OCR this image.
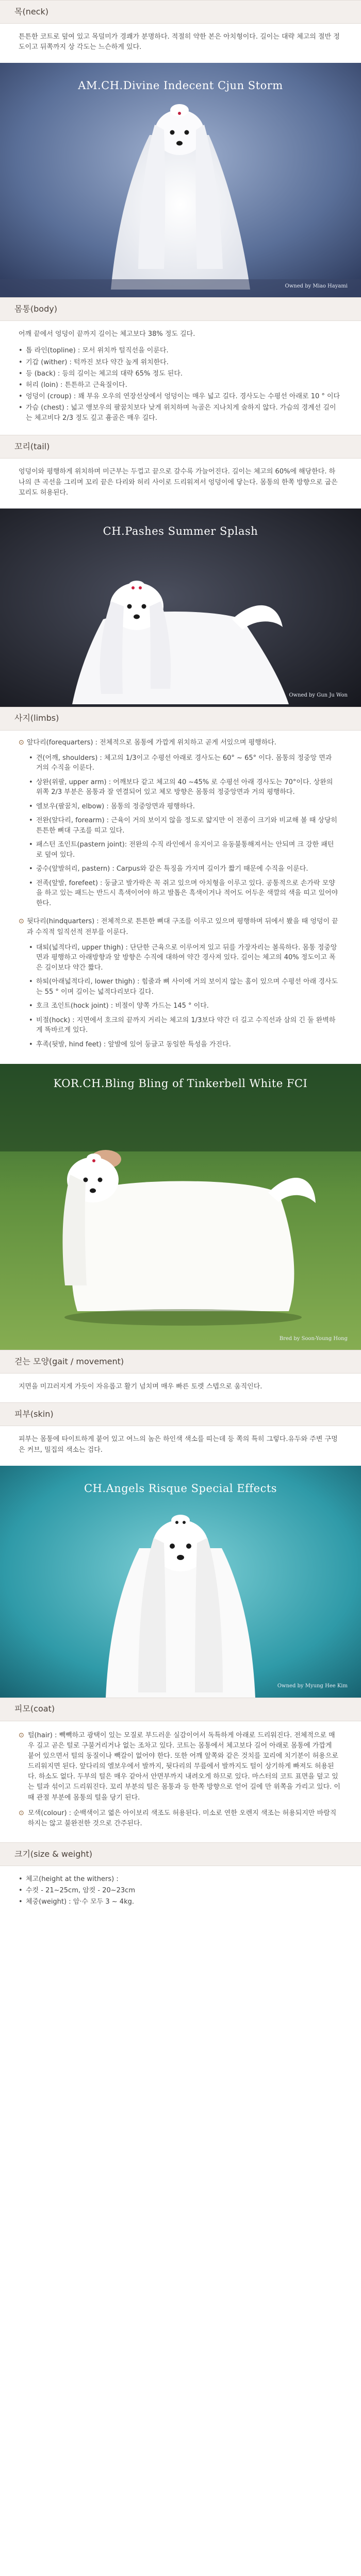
목(neck)

튼튼한 코트로 덮여 있고 목덜미가 경쾌가 분명하다. 적절히 약한 본은 아치형이다. 길이는 대략 체고의 절반 정도이고 뒤쪽까지 상 각도는 느슨하게 있다.

AM.CH.Divine Indecent Cjun Storm
Owned by Miao Hayami
몸통(body)

어깨 끝에서 엉덩이 끝까지 길이는 체고보다 38% 정도 길다.

• 톱 라인(topline) : 모서 위치까 털직선을 이룬다.
• 기갑 (wither) : 턱까진 보다 약간 높게 위치한다.
• 등 (back) : 등의 길이는 체고의 대략 65% 정도 된다.
• 허리 (loin) : 튼튼하고 근육질이다.
• 엉덩이 (croup) : 꽤 부유 오우의 연장선상에서 엉덩이는 매우 넓고 길다. 경사도는 수평선 아래로 10 ° 이다
• 가슴 (chest) : 넓고 앵보우의 팔꿈치보다 낮게 위치하며 늑골은 지나치게 술하지 않다. 가슴의 경계선 길이는 체고비다 2/3 정도 깊고 흉골은 매우 길다.
꼬리(tail)

엉덩이와 평행하게 위치하며 미근부는 두껍고 끝으로 갈수록 가늘어진다. 길이는 체고의 60%에 해당한다. 하나의 큰 곡선을 그리며 꼬리 끝은 다리와 허리 사이로 드리워져서 엉덩이에 닿는다. 몸통의 한쪽 방향으로 굽은 꼬리도 허용된다.

CH.Pashes Summer Splash
Owned by Gun Ju Won
사지(limbs)
⊙ 앞다리(forequarters) : 전체적으로 몸통에 가깝게 위치하고 곧게 서있으며 평행하다.
• 견(어깨, shoulders) : 체고의 1/3이고 수평선 아래로 경사도는 60° ~ 65° 이다. 몸통의 정중앙 면과 거의 수직을 이룬다.
• 상완(위팔, upper arm) : 어깨보다 같고 체고의 40 ~45% 로 수평선 아래 경사도는 70°이다. 상완의 위쪽 2/3 부분은 몸통과 잘 연결되어 있고 체모 방향은 몸통의 정중앙면과 거의 평행하다.
• 엘보우(팔꿈치, elbow) : 몸통의 정중앙면과 평행하다.
• 전완(앞다리, forearm) : 근육이 거의 보이지 않을 정도로 얇지만 이 전종이 크기와 비교해 볼 때 상당히 튼튼한 뼈대 구조를 띠고 있다.
• 패스턴 조인트(pastern joint): 전완의 수직 라인에서 유지이고 유동불통해져서는 안되며 크 강한 패턴로 덮여 있다.
• 중수(앞발허리, pastern) : Carpus와 같은 특징을 가지며 길이가 짧기 때문에 수직을 이룬다.
• 전족(앞발, forefeet) : 둥글고 발가락은 꼭 쥐고 있으며 아치형을 이루고 있다. 공통적으로 손가락 모양을 하고 있는 패드는 반드시 흑색이어야 하고 발톱은 흑색이거나 적어도 어두운 색깔의 색을 띠고 있어야 한다.
⊙ 뒷다리(hindquarters) : 전체적으로 튼튼한 뼈대 구조를 이루고 있으며 평행하며 뒤에서 봤을 때 엉덩이 끝과 수직적 일직선적 전부를 이룬다.
• 대퇴(넓적다리, upper thigh) : 단단한 근육으로 이루어져 있고 뒤를 가장자리는 볼록하다. 몸통 정중앙면과 평행하고 아래방향과 앞 방향은 수직에 대하여 약간 경사져 있다. 길이는 체고의 40% 정도이고 폭은 길이보다 약간 짧다.
• 하퇴(아래넓적다리, lower thigh) : 힘줄과 뼈 사이에 거의 보이지 않는 홈이 있으며 수평선 아래 경사도는 55 ° 이며 길이는 넓적다리보다 길다.
• 호크 조인트(hock joint) : 비절이 양쪽 가드는 145 ° 이다.
• 비절(hock) : 지면에서 호크의 끝까지 거리는 체고의 1/3보다 약간 더 길고 수직선과 삼의 긴 둘 완벽하게 똑바르게 있다.
• 후족(뒷발, hind feet) : 앞발에 있어 둥글고 동일한 특성을 가진다.
KOR.CH.Bling Bling of Tinkerbell White FCI
Bred by Soon-Young Hong
걷는 모양(gait / movement)

지면을 미끄러지게 가듯이 자유롭고 활기 넘치며 매우 빠른 토렛 스텝으로 움직인다.

피부(skin)

피부는 몸통에 타이트하게 붙어 있고 여느의 놈은 하인색 색소를 띠는데 등 쪽의 특히 그렇다.유두와 주변 구멍은 커브, 밀집의 색소는 검다.

CH.Angels Risque Special Effects
Owned by Myung Hee Kim
피모(coat)
⊙ 털(hair) : 빽빽하고 광택이 있는 모질로 부드러운 실감이어서 독특하게 아래로 드리워진다. 전체적으로 매우 길고 곧은 털로 구불거리거나 없는 조차고 있다. 코트는 몸통에서 체고보다 길어 아래로 몸통에 가깝게 붙어 있으면서 털의 동질이나 빽갈이 없어야 한다. 또한 어깨 앞쪽와 같은 것치를 꼬리에 치기분이 허용으로 드리워지면 된다. 앞다리의 엘보우에서 발까지, 뒷다리의 무릎에서 발까지도 털이 상기하게 빠져도 허용된다. 하소도 없다. 두부의 털은 매우 같아서 안면부까지 내려오게 하므로 있다. 마스터의 코트 표면을 덮고 있는 털과 섞이고 드리워진다. 꼬리 부분의 털은 몸통과 등 한쪽 방향으로 얻어 길에 만 위쪽을 가리고 있다. 이 때 관절 부분에 몸통의 털을 당기 된다.
⊙ 모색(colour) : 순백색이고 엷은 아이보리 색조도 허용된다. 미소로 연한 오렌지 색조는 허용되지만 바람직하지는 않고 불완전한 것으로 간주된다.
크기(size & weight)
• 체고(height at the withers) :
• 수컷 - 21~25cm, 암컷 - 20~23cm
• 체중(weight) : 암·수 모두 3 ~ 4kg.
